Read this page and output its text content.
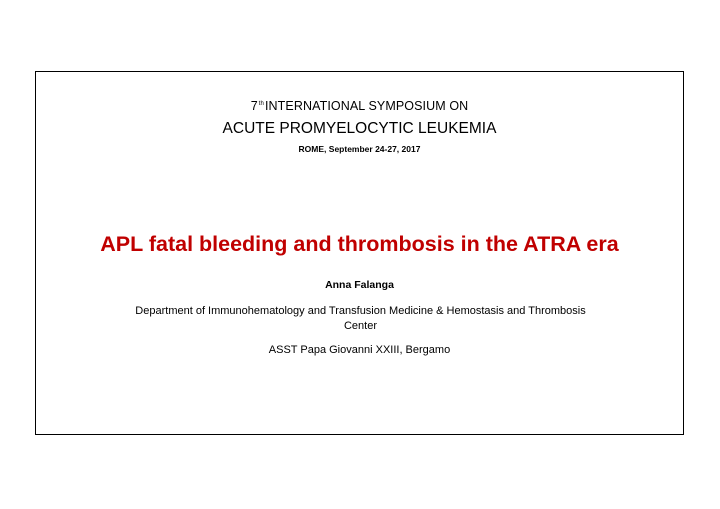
7thINTERNATIONAL SYMPOSIUM ON
ACUTE PROMYELOCYTIC LEUKEMIA
ROME, September 24-27, 2017
APL fatal bleeding and thrombosis in the ATRA era
Anna Falanga
Department of Immunohematology and Transfusion Medicine & Hemostasis and Thrombosis Center
ASST Papa Giovanni XXIII, Bergamo
